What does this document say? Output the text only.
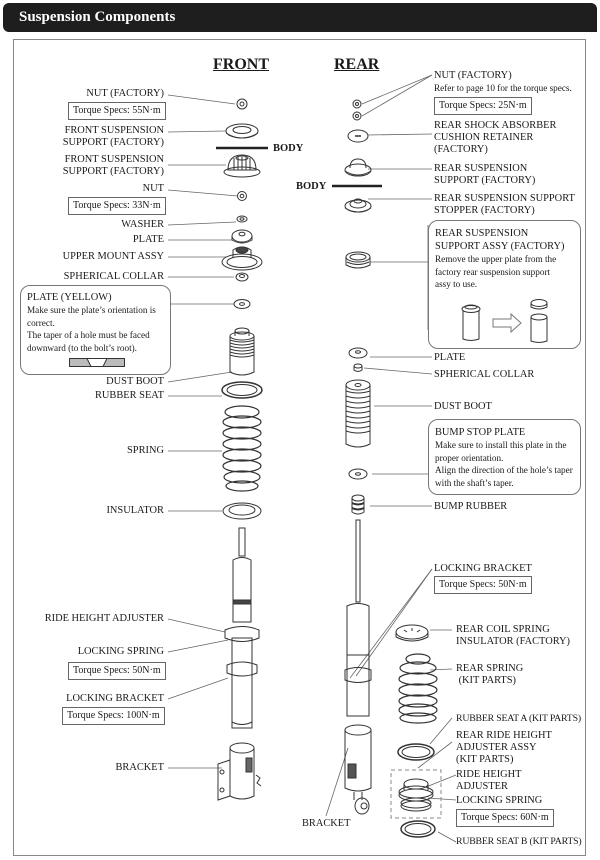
Suspension Components
FRONT	REAR
BODY
BODY
NUT (FACTORY)
Torque Specs: 55N·m
FRONT SUSPENSION
SUPPORT (FACTORY)
FRONT SUSPENSION
SUPPORT (FACTORY)
NUT
Torque Specs: 33N·m
WASHER
PLATE
UPPER MOUNT ASSY
SPHERICAL COLLAR
PLATE (YELLOW)
Make sure the plate’s orientation is
correct.
The taper of a hole must be faced
downward (to the bolt’s root).
DUST BOOT
RUBBER SEAT
SPRING
INSULATOR
RIDE HEIGHT ADJUSTER
LOCKING SPRING
Torque Specs: 50N·m
LOCKING BRACKET
Torque Specs: 100N·m
BRACKET
NUT (FACTORY)
Refer to page 10 for the torque specs.
Torque Specs: 25N·m
REAR SHOCK ABSORBER
CUSHION RETAINER
(FACTORY)
REAR SUSPENSION
SUPPORT (FACTORY)
REAR SUSPENSION SUPPORT
STOPPER (FACTORY)
REAR SUSPENSION
SUPPORT ASSY (FACTORY)
Remove the upper plate from the
factory rear suspension support
assy to use.
PLATE
SPHERICAL COLLAR
DUST BOOT
BUMP STOP PLATE
Make sure to install this plate in the
proper orientation.
Align the direction of the hole’s taper
with the shaft’s taper.
BUMP RUBBER
LOCKING BRACKET
Torque Specs: 50N·m
REAR COIL SPRING
INSULATOR (FACTORY)
REAR SPRING
(KIT PARTS)
RUBBER SEAT A (KIT PARTS)
REAR RIDE HEIGHT
ADJUSTER ASSY
(KIT PARTS)
RIDE HEIGHT
ADJUSTER
LOCKING SPRING
Torque Specs: 60N·m
RUBBER SEAT B (KIT PARTS)
BRACKET
